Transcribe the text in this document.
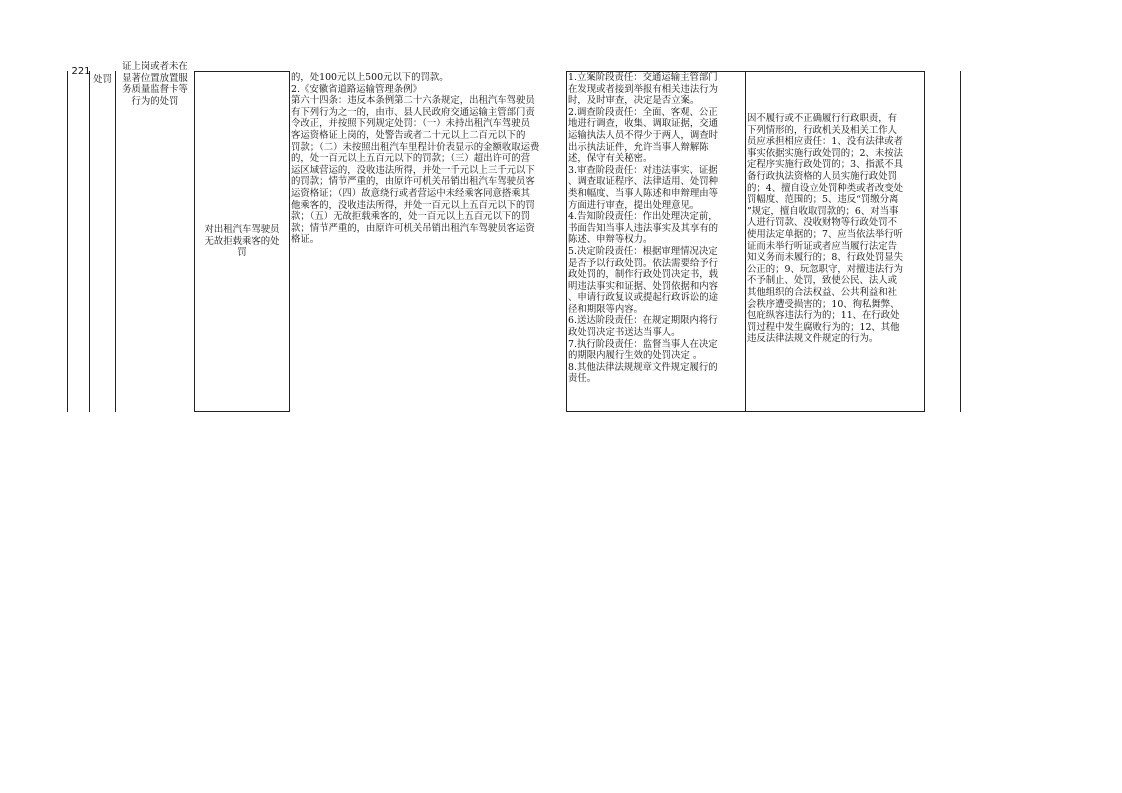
221
处罚
证上岗或者未在
显著位置放置服
务质量监督卡等
行为的处罚
对出租汽车驾驶员
无故拒载乘客的处
罚
的，处100元以上500元以下的罚款。
2.《安徽省道路运输管理条例》
第六十四条：违反本条例第二十六条规定，出租汽车驾驶员
有下列行为之一的，由市、县人民政府交通运输主管部门责
令改正，并按照下列规定处罚：（一）未持出租汽车驾驶员
客运资格证上岗的，处警告或者二十元以上二百元以下的
罚款；（二）未按照出租汽车里程计价表显示的金额收取运费
的，处一百元以上五百元以下的罚款；（三）超出许可的营
运区域营运的，没收违法所得，并处一千元以上三千元以下
的罚款；情节严重的，由原许可机关吊销出租汽车驾驶员客
运资格证；（四）故意绕行或者营运中未经乘客同意搭乘其
他乘客的，没收违法所得，并处一百元以上五百元以下的罚
款；（五）无故拒载乘客的，处一百元以上五百元以下的罚
款；情节严重的，由原许可机关吊销出租汽车驾驶员客运资
格证。
1.立案阶段责任：交通运输主管部门
在发现或者接到举报有相关违法行为
时，及时审查，决定是否立案。
2.调查阶段责任：全面、客观、公正
地进行调查，收集、调取证据，交通
运输执法人员不得少于两人，调查时
出示执法证件，允许当事人辩解陈
述，保守有关秘密。
3.审查阶段责任：对违法事实、证据
、调查取证程序、法律适用、处罚种
类和幅度、当事人陈述和申辩理由等
方面进行审查，提出处理意见。
4.告知阶段责任：作出处理决定前，
书面告知当事人违法事实及其享有的
陈述、申辩等权力。
5.决定阶段责任：根据审理情况决定
是否予以行政处罚。依法需要给予行
政处罚的，制作行政处罚决定书，载
明违法事实和证据、处罚依据和内容
、申请行政复议或提起行政诉讼的途
径和期限等内容。
6.送达阶段责任：在规定期限内将行
政处罚决定书送达当事人。
7.执行阶段责任：监督当事人在决定
的期限内履行生效的处罚决定 。
8.其他法律法规规章文件规定履行的
责任。
因不履行或不正确履行行政职责，有
下列情形的，行政机关及相关工作人
员应承担相应责任：1、没有法律或者
事实依据实施行政处罚的；2、未按法
定程序实施行政处罚的；3、指派不具
备行政执法资格的人员实施行政处罚
的；4、擅自设立处罚种类或者改变处
罚幅度、范围的；5、违反“罚缴分离
”规定，擅自收取罚款的；6、对当事
人进行罚款、没收财物等行政处罚不
使用法定单据的；7、应当依法举行听
证而未举行听证或者应当履行法定告
知义务而未履行的；8、行政处罚显失
公正的；9、玩忽职守，对擅违法行为
不予制止、处罚，致使公民、法人或
其他组织的合法权益、公共利益和社
会秩序遭受损害的；10、徇私舞弊、
包庇纵容违法行为的；11、在行政处
罚过程中发生腐败行为的；12、其他
违反法律法规文件规定的行为。
